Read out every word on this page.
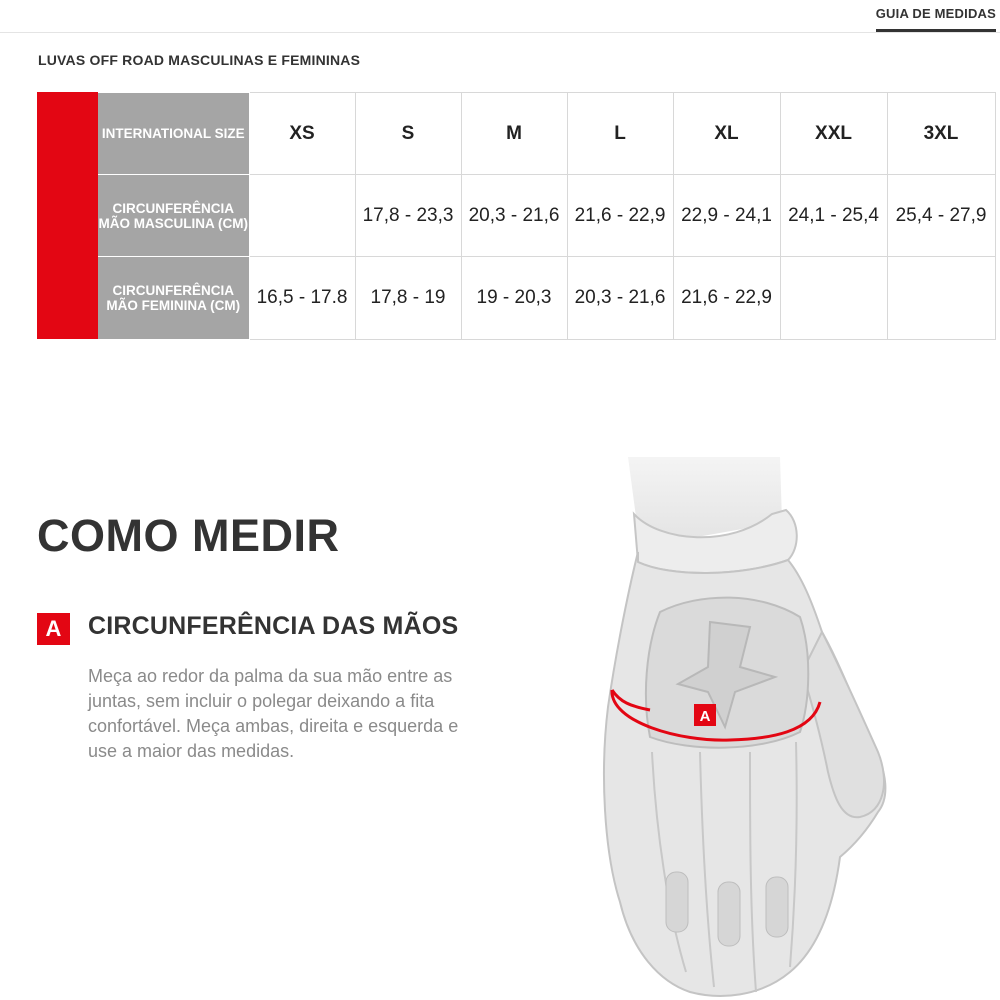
GUIA DE MEDIDAS
LUVAS OFF ROAD MASCULINAS E FEMININAS
INTERNATIONAL SIZE	XS	S	M	L	XL	XXL	3XL
CIRCUNFERÊNCIA MÃO MASCULINA (CM)		17,8 - 23,3	20,3 - 21,6	21,6 - 22,9	22,9 - 24,1	24,1 - 25,4	25,4 - 27,9
CIRCUNFERÊNCIA MÃO FEMININA (CM)	16,5 - 17.8	17,8 - 19	19 - 20,3	20,3 - 21,6	21,6 - 22,9		
COMO MEDIR
A	CIRCUNFERÊNCIA DAS MÃOS
Meça ao redor da palma da sua mão entre as juntas, sem incluir o polegar deixando a fita confortável. Meça ambas, direita e esquerda e use a maior das medidas.
A
